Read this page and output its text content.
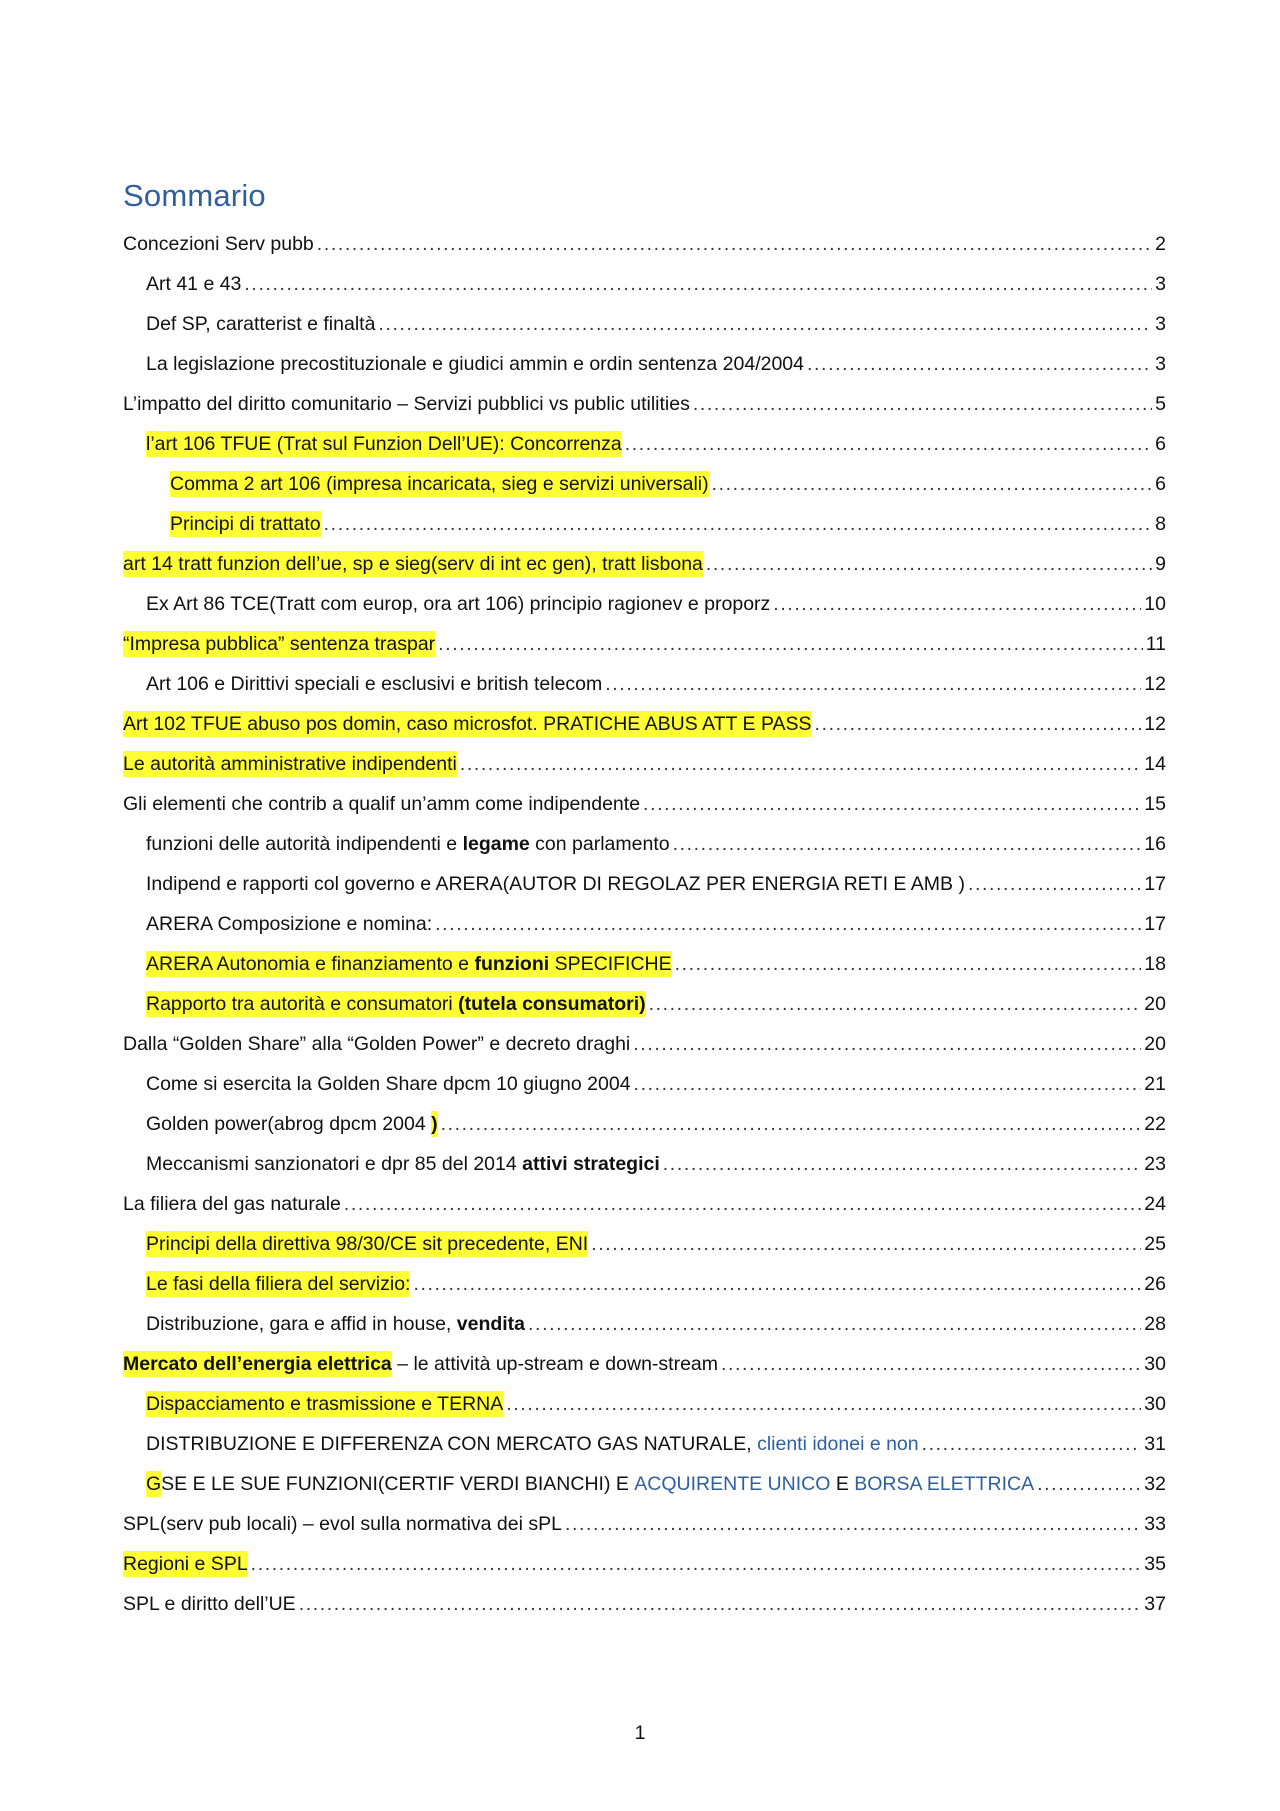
Sommario
Concezioni Serv pubb .....	2
Art 41 e 43 .....	3
Def SP, caratterist e finaltà .....	3
La legislazione precostituzionale e giudici ammin e ordin sentenza 204/2004 .....	3
L’impatto del diritto comunitario – Servizi pubblici vs public utilities .....	5
l’art 106 TFUE (Trat sul Funzion Dell’UE): Concorrenza .....	6
Comma 2 art 106 (impresa incaricata, sieg e servizi universali) .....	6
Principi di trattato .....	8
art 14 tratt funzion dell’ue, sp e sieg(serv di int ec gen), tratt lisbona .....	9
Ex Art 86 TCE(Tratt com europ, ora art 106) principio ragionev e proporz .....	10
“Impresa pubblica” sentenza traspar .....	11
Art 106 e Dirittivi speciali e esclusivi e british telecom .....	12
Art 102 TFUE abuso pos domin, caso microsfot. PRATICHE ABUS ATT E PASS .....	12
Le autorità amministrative indipendenti .....	14
Gli elementi che contrib a qualif un’amm come indipendente .....	15
funzioni delle autorità indipendenti e legame con parlamento .....	16
Indipend e rapporti col governo e ARERA(AUTOR DI REGOLAZ PER ENERGIA RETI E AMB ) .....	17
ARERA Composizione e nomina: .....	17
ARERA Autonomia e finanziamento e funzioni SPECIFICHE .....	18
Rapporto tra autorità e consumatori (tutela consumatori) .....	20
Dalla “Golden Share” alla “Golden Power” e decreto draghi .....	20
Come si esercita la Golden Share dpcm 10 giugno 2004 .....	21
Golden power(abrog dpcm 2004 ) .....	22
Meccanismi sanzionatori e dpr 85 del 2014 attivi strategici .....	23
La filiera del gas naturale .....	24
Principi della direttiva 98/30/CE sit precedente, ENI .....	25
Le fasi della filiera del servizio: .....	26
Distribuzione, gara e affid in house, vendita .....	28
Mercato dell’energia elettrica – le attività up-stream e down-stream .....	30
Dispacciamento e trasmissione e TERNA .....	30
DISTRIBUZIONE E DIFFERENZA CON MERCATO GAS NATURALE, clienti idonei e non .....	31
G SE E LE SUE FUNZIONI(CERTIF VERDI BIANCHI) E ACQUIRENTE UNICO E BORSA ELETTRICA .....	32
SPL(serv pub locali) – evol sulla normativa dei sPL .....	33
Regioni e SPL .....	35
SPL e diritto dell’UE .....	37
1
